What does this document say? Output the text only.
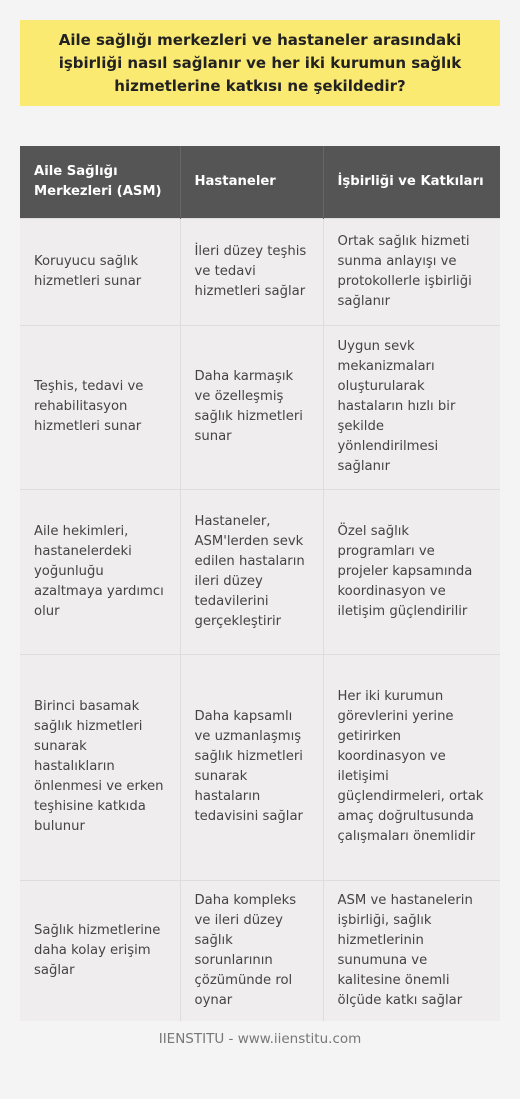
Aile sağlığı merkezleri ve hastaneler arasındaki işbirliği nasıl sağlanır ve her iki kurumun sağlık hizmetlerine katkısı ne şekildedir?
Aile Sağlığı Merkezleri (ASM)	Hastaneler	İşbirliği ve Katkıları
Koruyucu sağlık hizmetleri sunar	İleri düzey teşhis ve tedavi hizmetleri sağlar	Ortak sağlık hizmeti sunma anlayışı ve protokollerle işbirliği sağlanır
Teşhis, tedavi ve rehabilitasyon hizmetleri sunar	Daha karmaşık ve özelleşmiş sağlık hizmetleri sunar	Uygun sevk mekanizmaları oluşturularak hastaların hızlı bir şekilde yönlendirilmesi sağlanır
Aile hekimleri, hastanelerdeki yoğunluğu azaltmaya yardımcı olur	Hastaneler, ASM'lerden sevk edilen hastaların ileri düzey tedavilerini gerçekleştirir	Özel sağlık programları ve projeler kapsamında koordinasyon ve iletişim güçlendirilir
Birinci basamak sağlık hizmetleri sunarak hastalıkların önlenmesi ve erken teşhisine katkıda bulunur	Daha kapsamlı ve uzmanlaşmış sağlık hizmetleri sunarak hastaların tedavisini sağlar	Her iki kurumun görevlerini yerine getirirken koordinasyon ve iletişimi güçlendirmeleri, ortak amaç doğrultusunda çalışmaları önemlidir
Sağlık hizmetlerine daha kolay erişim sağlar	Daha kompleks ve ileri düzey sağlık sorunlarının çözümünde rol oynar	ASM ve hastanelerin işbirliği, sağlık hizmetlerinin sunumuna ve kalitesine önemli ölçüde katkı sağlar
IIENSTITU - www.iienstitu.com
